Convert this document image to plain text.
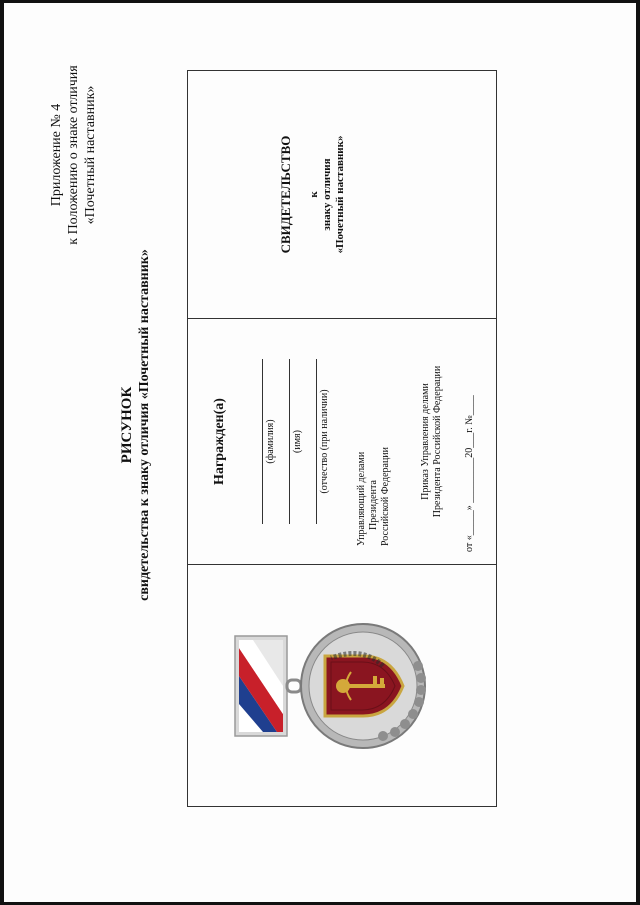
Приложение № 4 к Положению о знаке отличия «Почетный наставник»
РИСУНОК свидетельства к знаку отличия «Почетный наставник»	Награжден(а)	(фамилия)	(имя)	(отчество (при наличии)
Управляющий делами Президента Российской Федерации	Приказ Управления делами Президента Российской Федерации от «_____» _________20___г. №____
СВИДЕТЕЛЬСТВО к знаку отличия «Почетный наставник»
